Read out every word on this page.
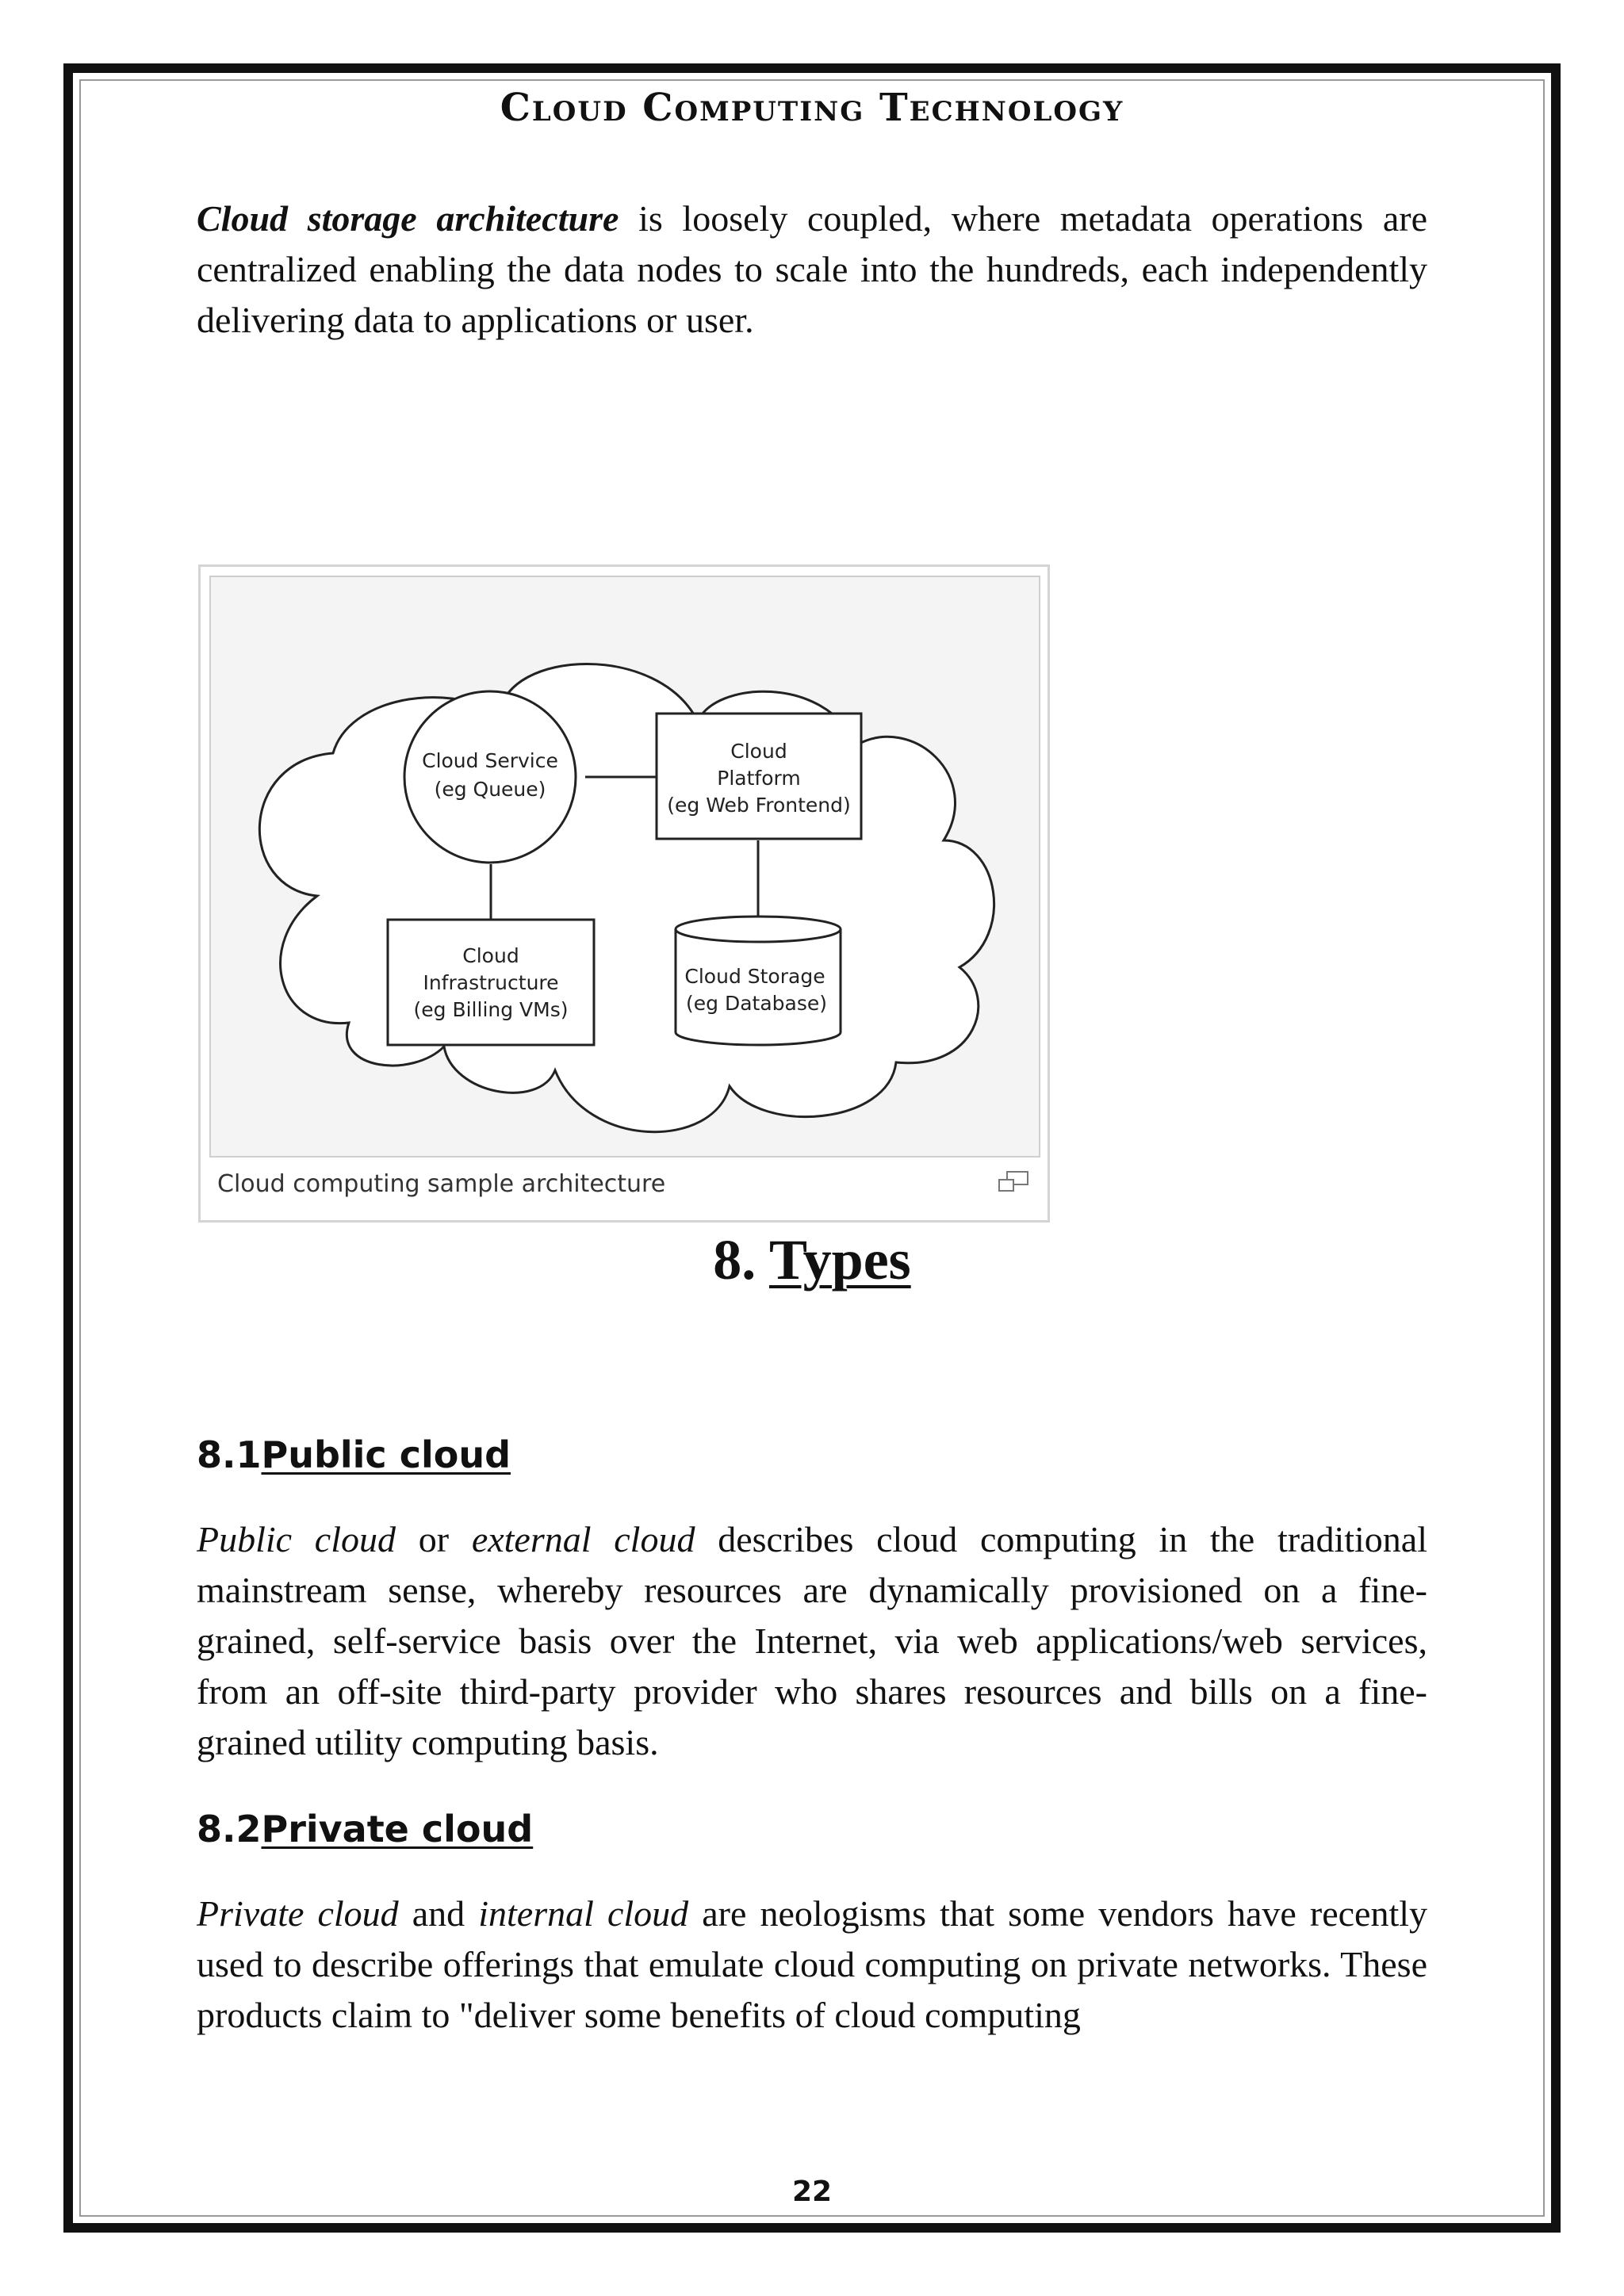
Cloud Computing Technology

Cloud storage architecture is loosely coupled, where metadata operations are centralized enabling the data nodes to scale into the hundreds, each independently delivering data to applications or user.

Cloud Service
(eg Queue)
Cloud
Platform
(eg Web Frontend)
Cloud
Infrastructure
(eg Billing VMs)
Cloud Storage
(eg Database)
Cloud computing sample architecture
8. Types
8.1Public cloud

Public cloud or external cloud describes cloud computing in the traditional mainstream sense, whereby resources are dynamically provisioned on a fine-grained, self-service basis over the Internet, via web applications/web services, from an off-site third-party provider who shares resources and bills on a fine-grained utility computing basis.

8.2Private cloud

Private cloud and internal cloud are neologisms that some vendors have recently used to describe offerings that emulate cloud computing on private networks. These products claim to "deliver some benefits of cloud computing

22
